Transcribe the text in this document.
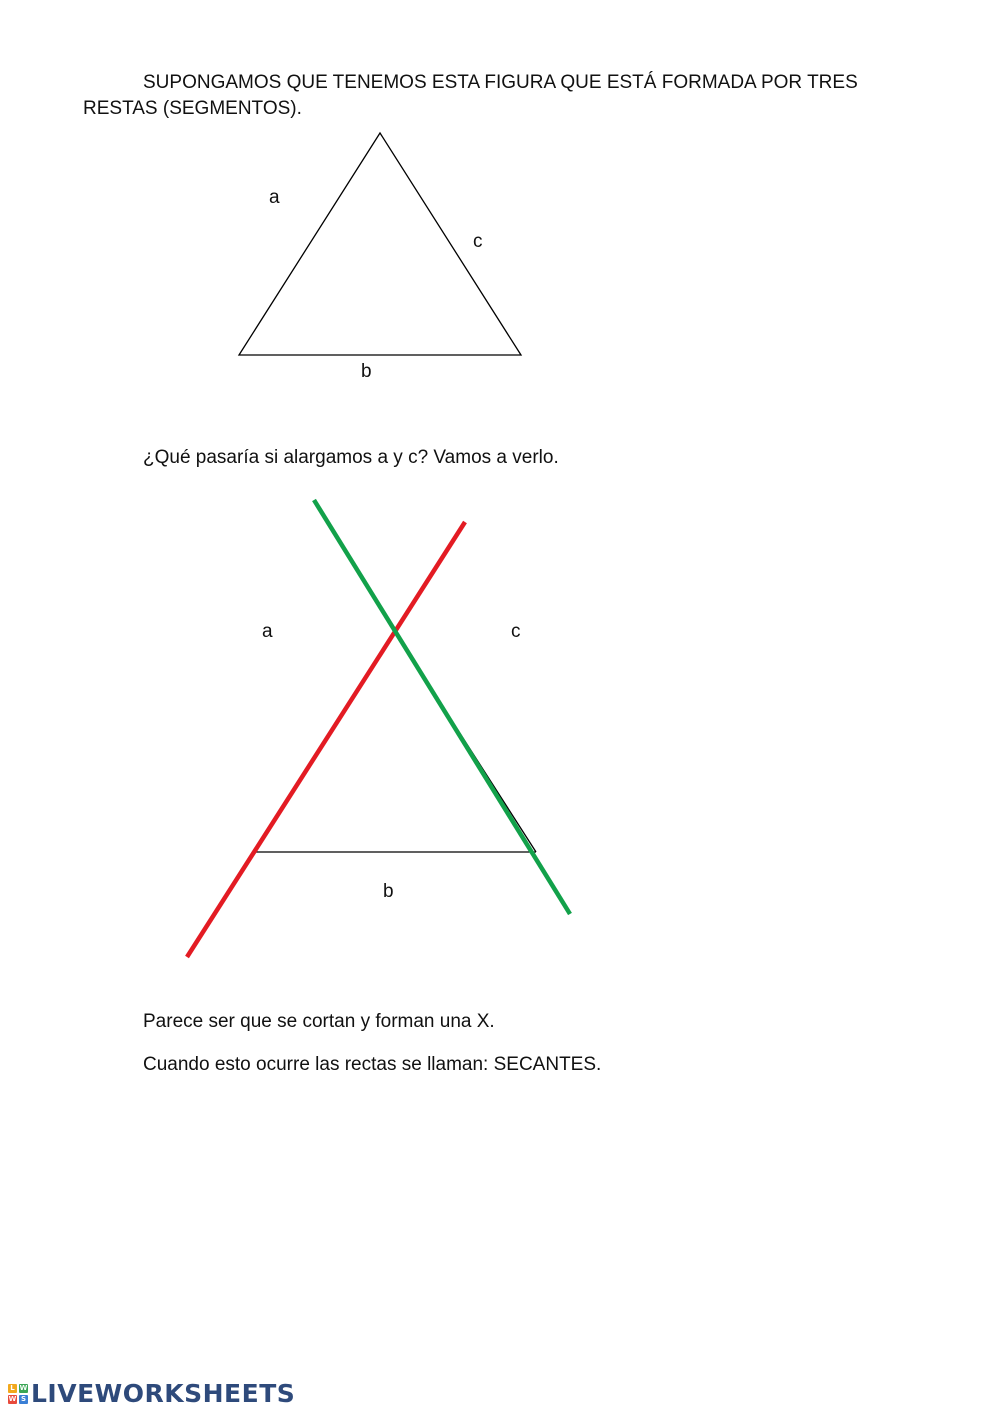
SUPONGAMOS QUE TENEMOS ESTA FIGURA QUE ESTÁ FORMADA POR TRES RESTAS (SEGMENTOS).
a
c
b
¿Qué pasaría si alargamos a y c? Vamos a verlo.
a	c
b
Parece ser que se cortan y forman una X.
Cuando esto ocurre las rectas se llaman: SECANTES.
L W
W S LIVEWORKSHEETS
